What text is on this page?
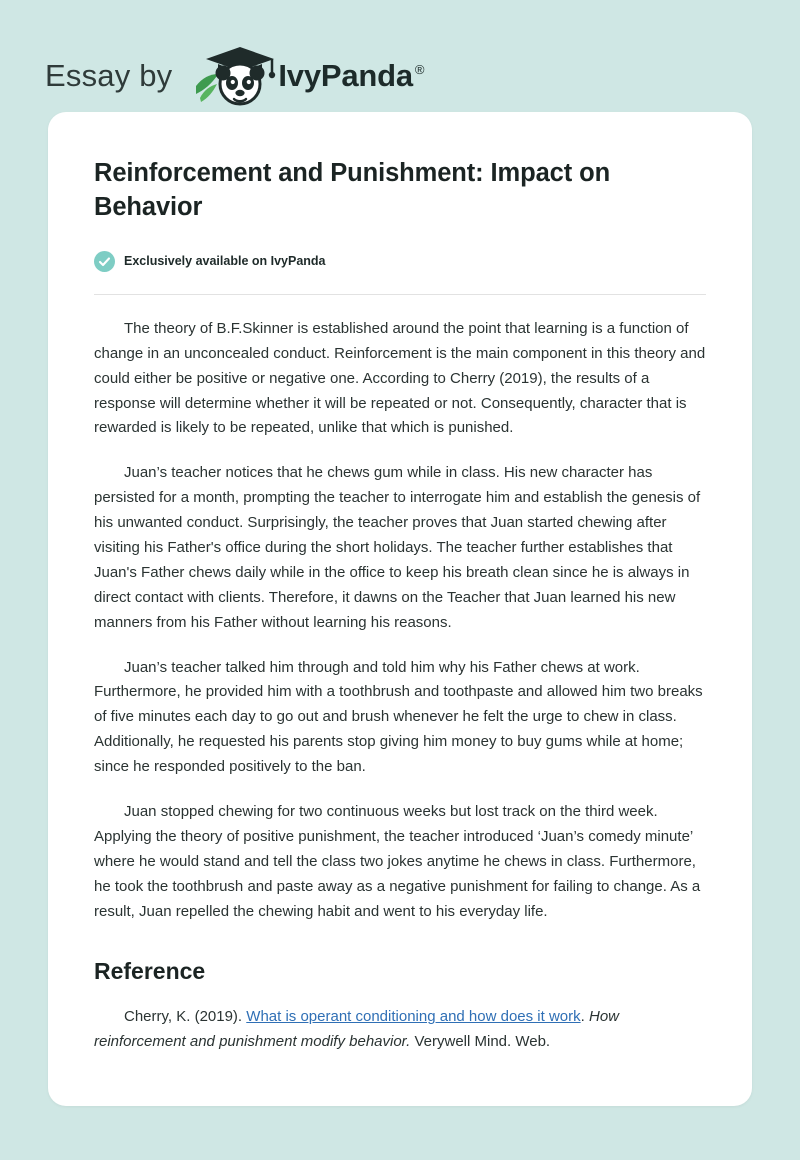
Essay by	IvyPanda ®
Reinforcement and Punishment: Impact on Behavior
Exclusively available on IvyPanda

The theory of B.F.Skinner is established around the point that learning is a function of change in an unconcealed conduct. Reinforcement is the main component in this theory and could either be positive or negative one. According to Cherry (2019), the results of a response will determine whether it will be repeated or not. Consequently, character that is rewarded is likely to be repeated, unlike that which is punished.

Juan’s teacher notices that he chews gum while in class. His new character has persisted for a month, prompting the teacher to interrogate him and establish the genesis of his unwanted conduct. Surprisingly, the teacher proves that Juan started chewing after visiting his Father's office during the short holidays. The teacher further establishes that Juan's Father chews daily while in the office to keep his breath clean since he is always in direct contact with clients. Therefore, it dawns on the Teacher that Juan learned his new manners from his Father without learning his reasons.

Juan’s teacher talked him through and told him why his Father chews at work. Furthermore, he provided him with a toothbrush and toothpaste and allowed him two breaks of five minutes each day to go out and brush whenever he felt the urge to chew in class. Additionally, he requested his parents stop giving him money to buy gums while at home; since he responded positively to the ban.

Juan stopped chewing for two continuous weeks but lost track on the third week. Applying the theory of positive punishment, the teacher introduced ‘Juan’s comedy minute’ where he would stand and tell the class two jokes anytime he chews in class. Furthermore, he took the toothbrush and paste away as a negative punishment for failing to change. As a result, Juan repelled the chewing habit and went to his everyday life.

Reference

Cherry, K. (2019). What is operant conditioning and how does it work. How reinforcement and punishment modify behavior. Verywell Mind. Web.
